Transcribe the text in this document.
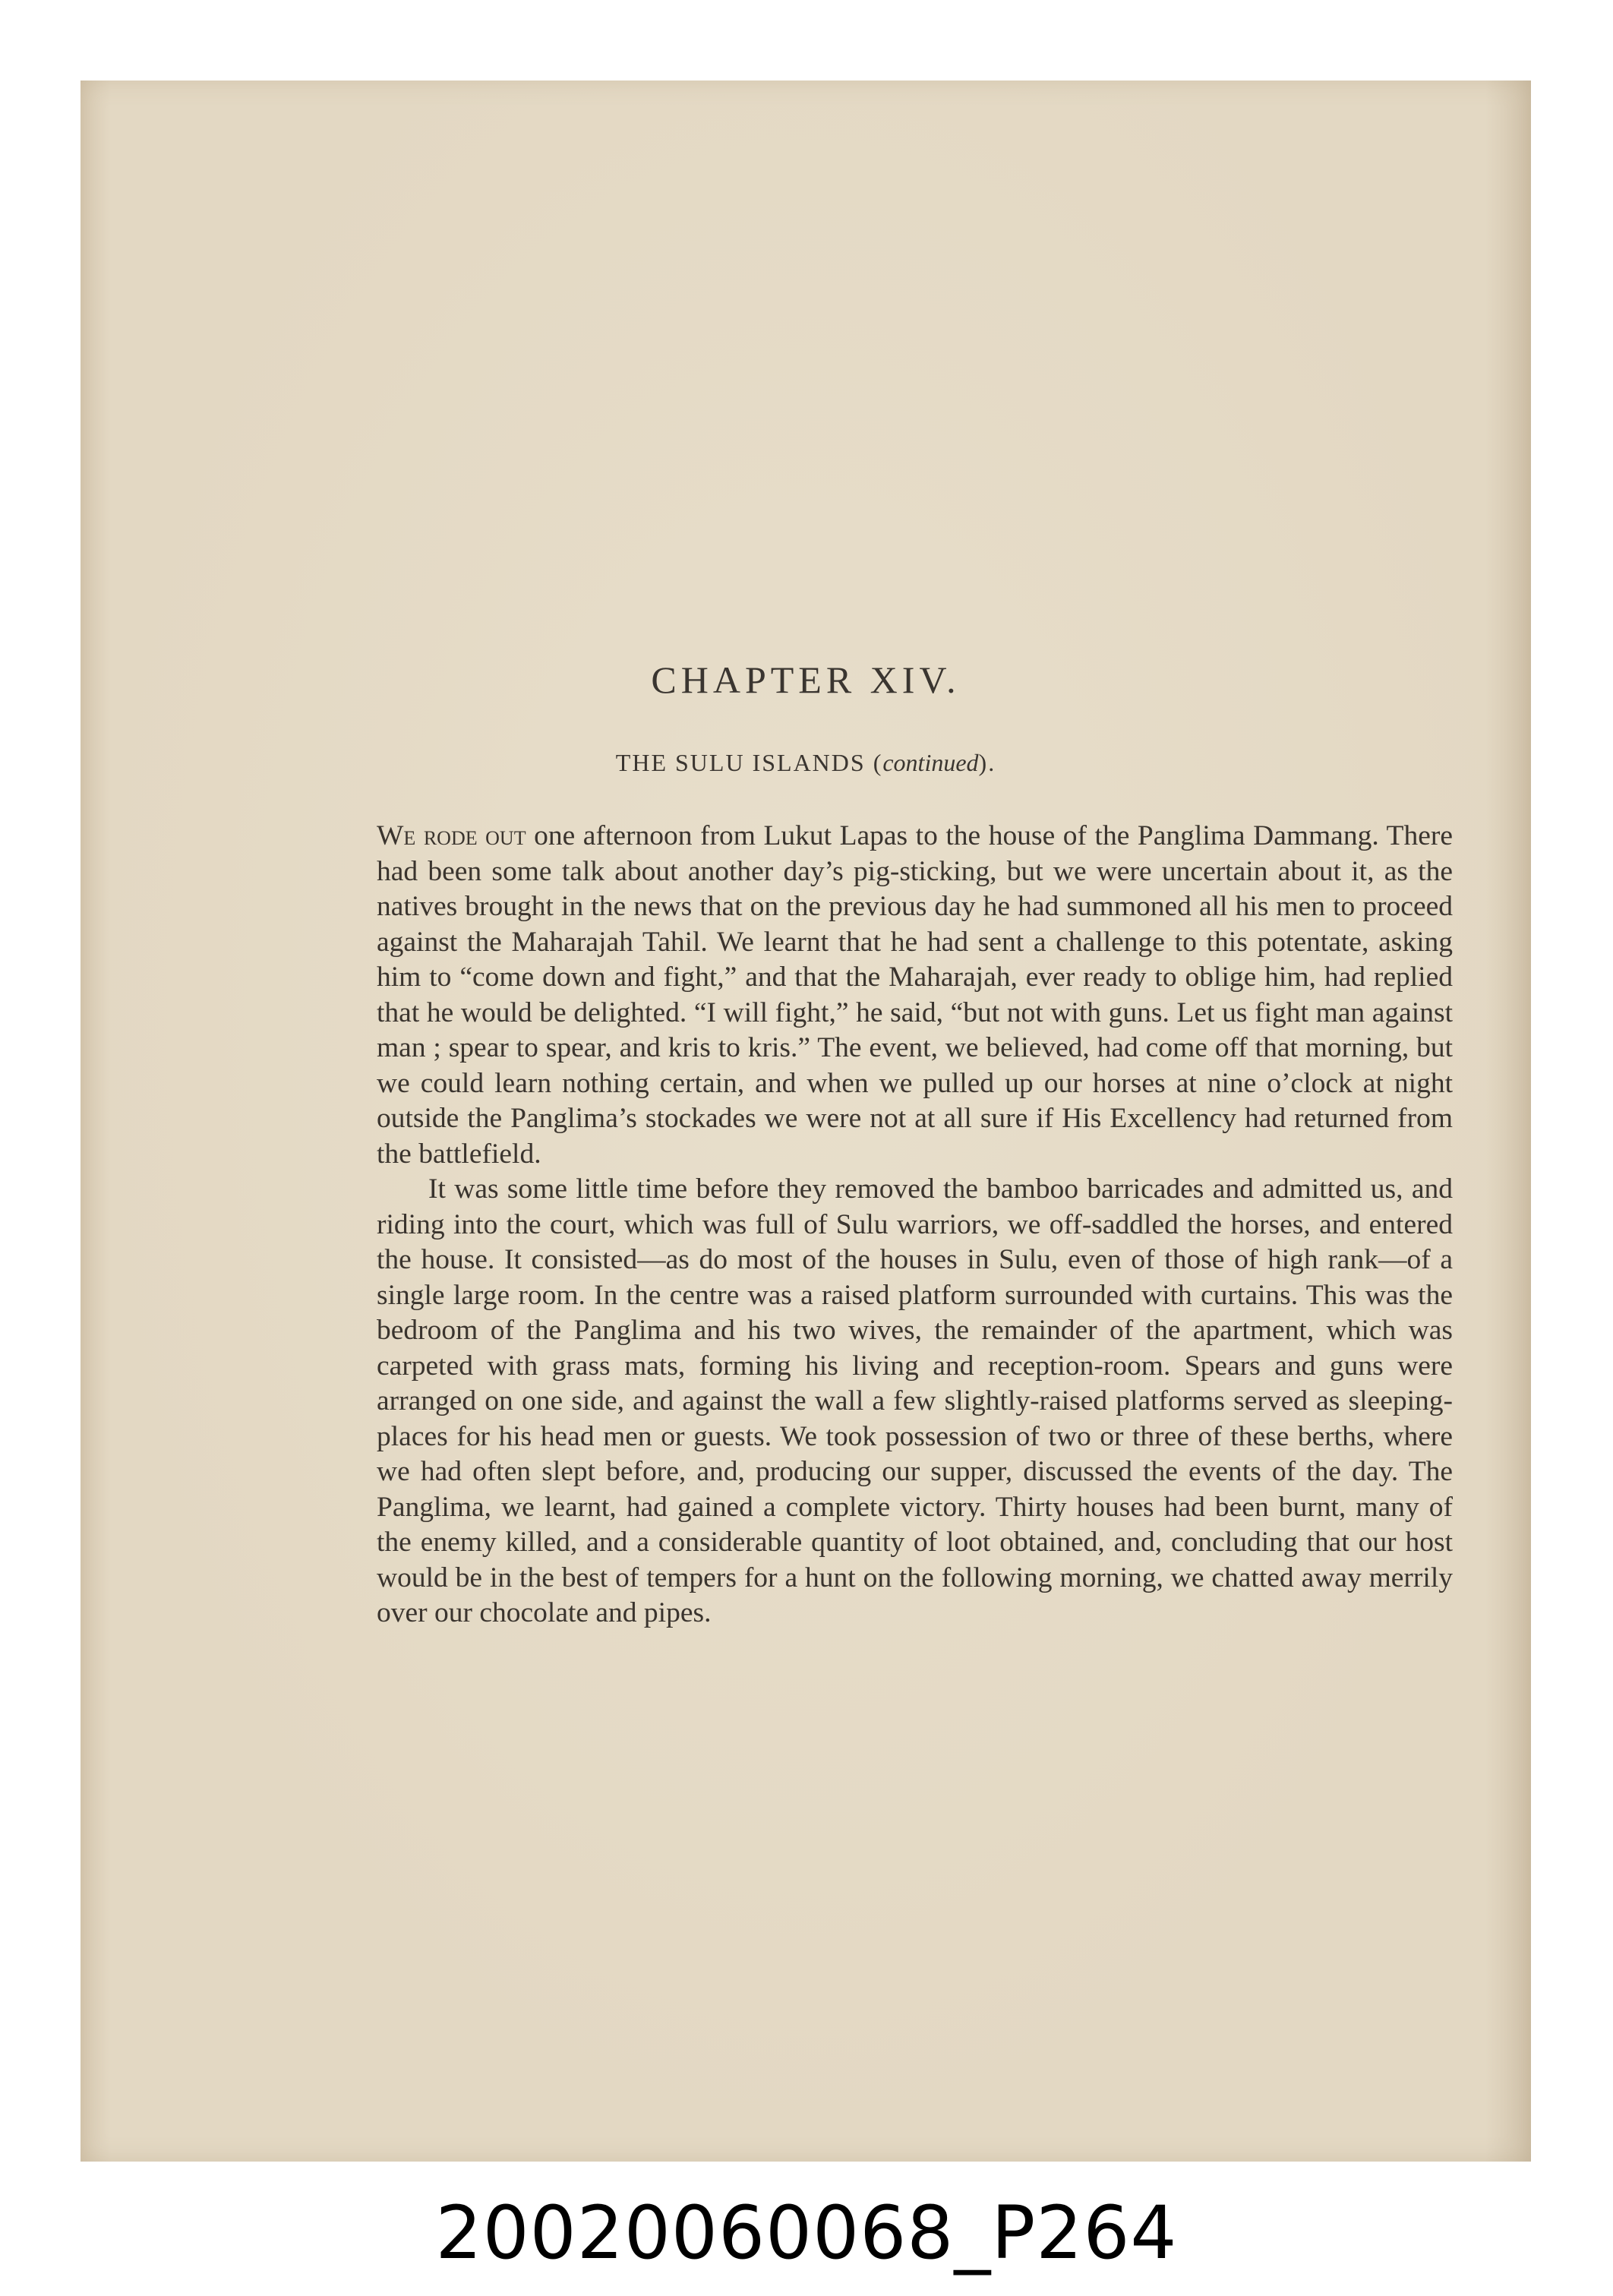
CHAPTER XIV.
THE SULU ISLANDS (continued).

We rode out one afternoon from Lukut Lapas to the house of the Panglima Dammang. There had been some talk about another day’s pig-sticking, but we were uncertain about it, as the natives brought in the news that on the previous day he had summoned all his men to proceed against the Maharajah Tahil. We learnt that he had sent a challenge to this potentate, asking him to “come down and fight,” and that the Maharajah, ever ready to oblige him, had replied that he would be delighted. “I will fight,” he said, “but not with guns. Let us fight man against man ; spear to spear, and kris to kris.” The event, we believed, had come off that morning, but we could learn nothing certain, and when we pulled up our horses at nine o’clock at night outside the Panglima’s stockades we were not at all sure if His Excellency had returned from the battlefield.

It was some little time before they removed the bamboo barricades and admitted us, and riding into the court, which was full of Sulu warriors, we off-saddled the horses, and entered the house. It consisted—as do most of the houses in Sulu, even of those of high rank—of a single large room. In the centre was a raised platform surrounded with curtains. This was the bedroom of the Panglima and his two wives, the remainder of the apartment, which was carpeted with grass mats, forming his living and reception-room. Spears and guns were arranged on one side, and against the wall a few slightly-raised platforms served as sleeping-places for his head men or guests. We took possession of two or three of these berths, where we had often slept before, and, producing our supper, discussed the events of the day. The Panglima, we learnt, had gained a complete victory. Thirty houses had been burnt, many of the enemy killed, and a considerable quantity of loot obtained, and, concluding that our host would be in the best of tempers for a hunt on the following morning, we chatted away merrily over our chocolate and pipes.

20020060068_P264
